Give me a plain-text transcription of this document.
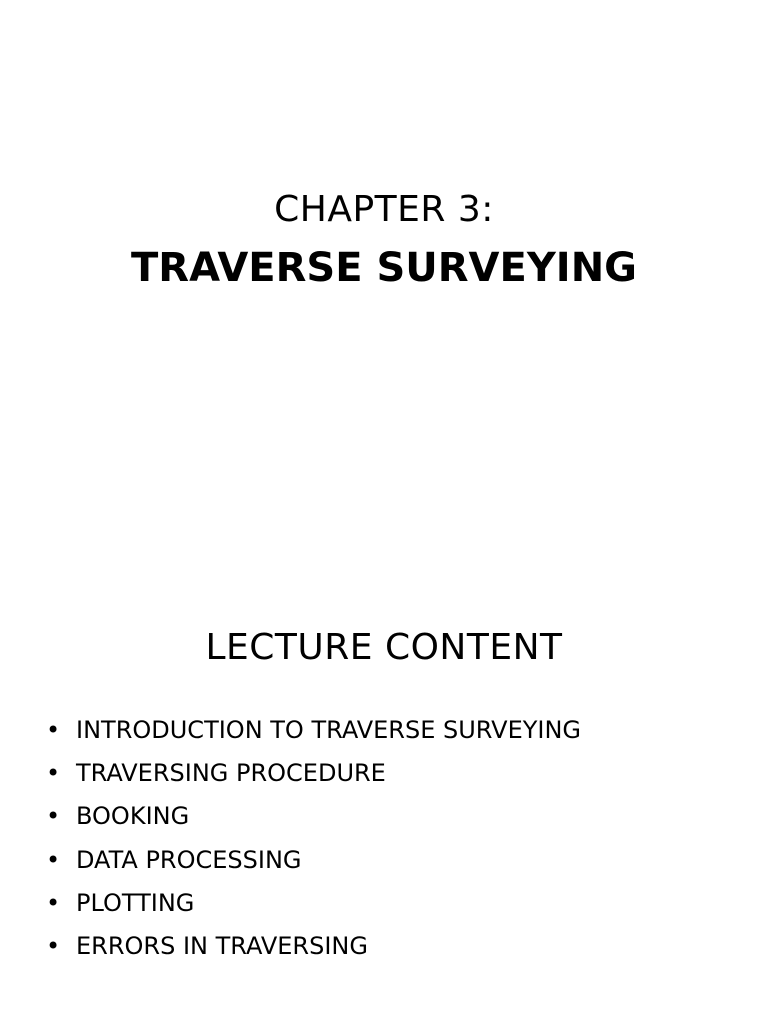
CHAPTER 3:
TRAVERSE SURVEYING
LECTURE CONTENT
• INTRODUCTION TO TRAVERSE SURVEYING
• TRAVERSING PROCEDURE
• BOOKING
• DATA PROCESSING
• PLOTTING
• ERRORS IN TRAVERSING
